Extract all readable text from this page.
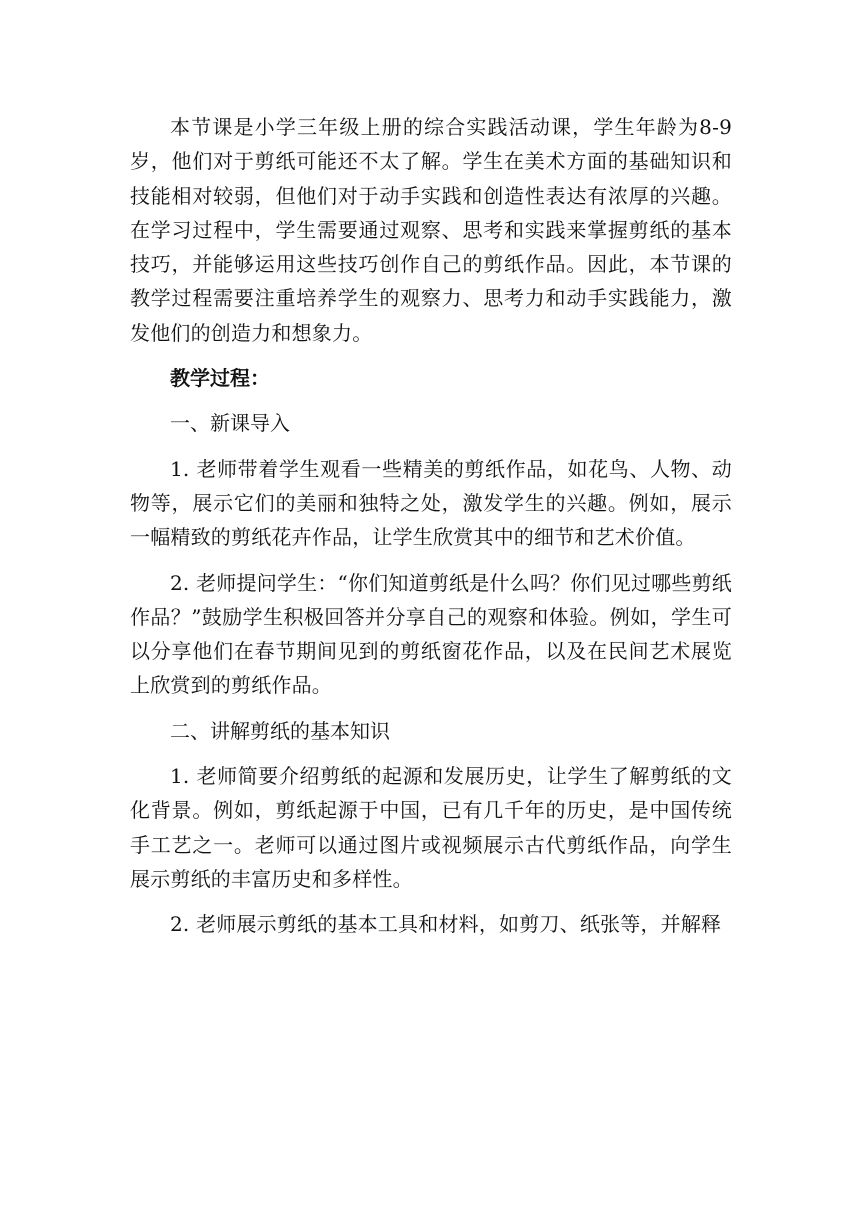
本节课是小学三年级上册的综合实践活动课，学生年龄为8-9岁，他们对于剪纸可能还不太了解。学生在美术方面的基础知识和技能相对较弱，但他们对于动手实践和创造性表达有浓厚的兴趣。在学习过程中，学生需要通过观察、思考和实践来掌握剪纸的基本技巧，并能够运用这些技巧创作自己的剪纸作品。因此，本节课的教学过程需要注重培养学生的观察力、思考力和动手实践能力，激发他们的创造力和想象力。

教学过程：

一、新课导入

1. 老师带着学生观看一些精美的剪纸作品，如花鸟、人物、动物等，展示它们的美丽和独特之处，激发学生的兴趣。例如，展示一幅精致的剪纸花卉作品，让学生欣赏其中的细节和艺术价值。

2. 老师提问学生：“你们知道剪纸是什么吗？你们见过哪些剪纸作品？”鼓励学生积极回答并分享自己的观察和体验。例如，学生可以分享他们在春节期间见到的剪纸窗花作品，以及在民间艺术展览上欣赏到的剪纸作品。

二、讲解剪纸的基本知识

1. 老师简要介绍剪纸的起源和发展历史，让学生了解剪纸的文化背景。例如，剪纸起源于中国，已有几千年的历史，是中国传统手工艺之一。老师可以通过图片或视频展示古代剪纸作品，向学生展示剪纸的丰富历史和多样性。

2. 老师展示剪纸的基本工具和材料，如剪刀、纸张等，并解释
